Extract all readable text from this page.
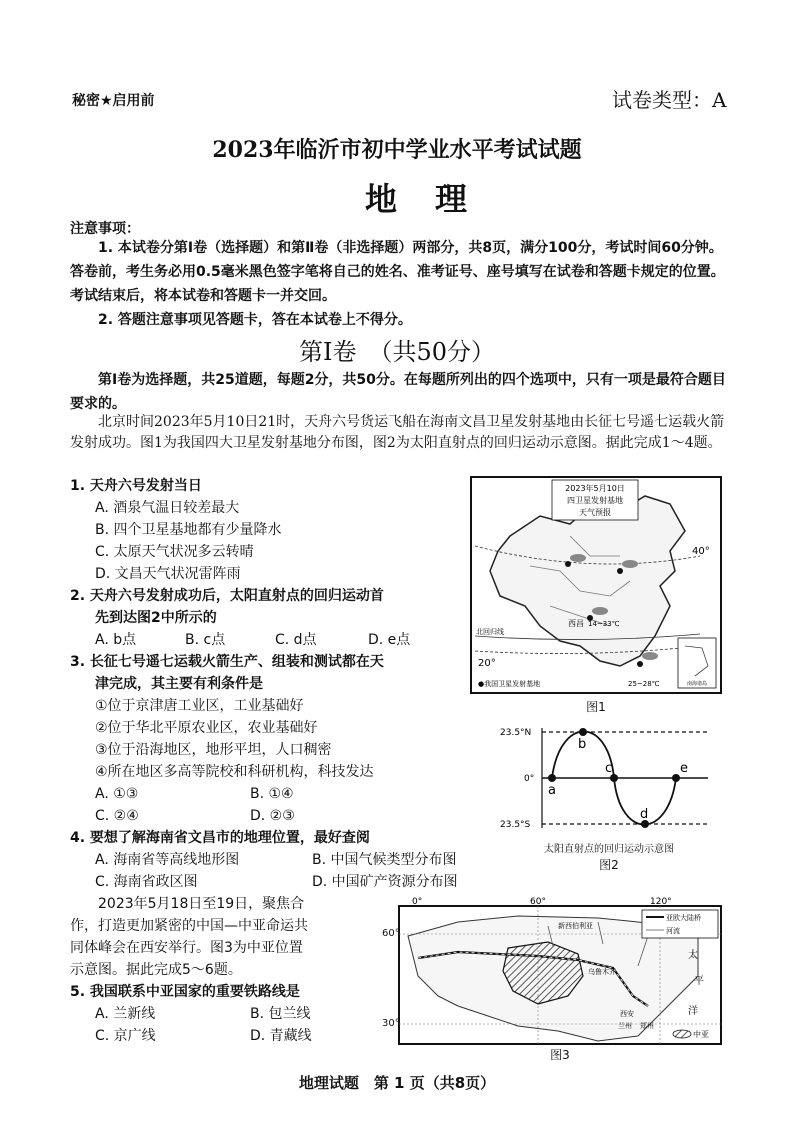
秘密★启用前	试卷类型：A
2023年临沂市初中学业水平考试试题
地理
注意事项：
1. 本试卷分第Ⅰ卷（选择题）和第Ⅱ卷（非选择题）两部分，共8页，满分100分，考试时间60分钟。答卷前，考生务必用0.5毫米黑色签字笔将自己的姓名、准考证号、座号填写在试卷和答题卡规定的位置。考试结束后，将本试卷和答题卡一并交回。
2. 答题注意事项见答题卡，答在本试卷上不得分。
第Ⅰ卷　（共50分）
第Ⅰ卷为选择题，共25道题，每题2分，共50分。在每题所列出的四个选项中，只有一项是最符合题目要求的。
北京时间2023年5月10日21时，天舟六号货运飞船在海南文昌卫星发射基地由长征七号遥七运载火箭发射成功。图1为我国四大卫星发射基地分布图，图2为太阳直射点的回归运动示意图。据此完成1～4题。
1. 天舟六号发射当日
A. 酒泉气温日较差最大
B. 四个卫星基地都有少量降水
C. 太原天气状况多云转晴
D. 文昌天气状况雷阵雨
2. 天舟六号发射成功后，太阳直射点的回归运动首
先到达图2中所示的
A. b点	B. c点	C. d点	D. e点
3. 长征七号遥七运载火箭生产、组装和测试都在天
津完成，其主要有利条件是
①位于京津唐工业区，工业基础好
②位于华北平原农业区，农业基础好
③位于沿海地区，地形平坦，人口稠密
④所在地区多高等院校和科研机构，科技发达
A. ①③	B. ①④
C. ②④	D. ②③
4. 要想了解海南省文昌市的地理位置，最好查阅
A. 海南省等高线地形图	B. 中国气候类型分布图
C. 海南省政区图	D. 中国矿产资源分布图
2023年5月18日至19日，聚焦合
作，打造更加紧密的中国—中亚命运共
同体峰会在西安举行。图3为中亚位置
示意图。据此完成5～6题。
5. 我国联系中亚国家的重要铁路线是
A. 兰新线	B. 包兰线
C. 京广线	D. 青藏线
2023年5月10日
四卫星发射基地
天气预报
40°
20°
北回归线
西昌 14~33℃
25~28℃
●我国卫星发射基地	南海诸岛
图1
23.5°N
0°
23.5°S
a
b
c
d
e
太阳直射点的回归运动示意图
图2
0°	60°	120°
亚欧大陆桥
河流
中亚
新西伯利亚
乌鲁木齐
西安
兰州 郑州
太
平
洋
图3
60°
30°
地理试题　第 1 页（共8页）
